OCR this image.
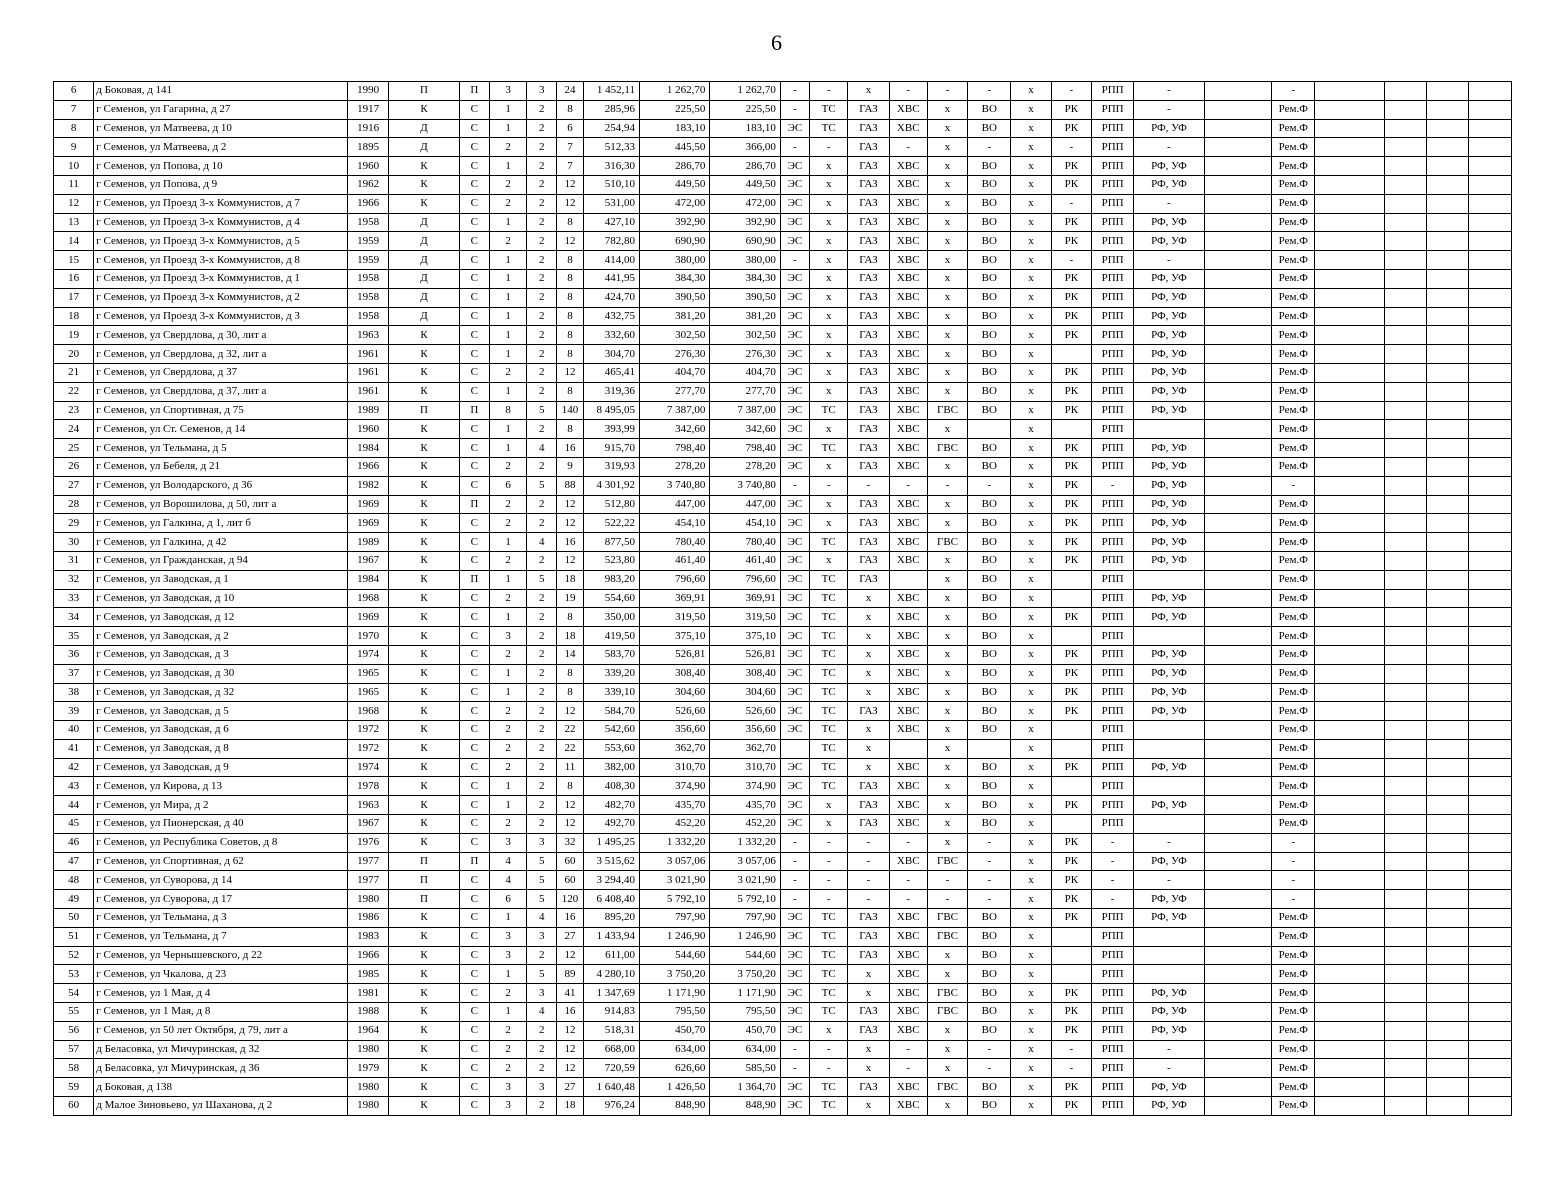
6
6	д Боковая, д 141	1990	П	П	3	3	24	1 452,11	1 262,70	1 262,70	-	-	х	-	-	-	х	-	РПП	-		-				
7	г Семенов, ул Гагарина, д 27	1917	К	С	1	2	8	285,96	225,50	225,50	-	ТС	ГАЗ	ХВС	х	ВО	х	РК	РПП	-		Рем.Ф				
8	г Семенов, ул Матвеева, д 10	1916	Д	С	1	2	6	254,94	183,10	183,10	ЭС	ТС	ГАЗ	ХВС	х	ВО	х	РК	РПП	РФ, УФ		Рем.Ф				
9	г Семенов, ул Матвеева, д 2	1895	Д	С	2	2	7	512,33	445,50	366,00	-	-	ГАЗ	-	х	-	х	-	РПП	-		Рем.Ф				
10	г Семенов, ул Попова, д 10	1960	К	С	1	2	7	316,30	286,70	286,70	ЭС	х	ГАЗ	ХВС	х	ВО	х	РК	РПП	РФ, УФ		Рем.Ф				
11	г Семенов, ул Попова, д 9	1962	К	С	2	2	12	510,10	449,50	449,50	ЭС	х	ГАЗ	ХВС	х	ВО	х	РК	РПП	РФ, УФ		Рем.Ф				
12	г Семенов, ул Проезд 3-х Коммунистов, д 7	1966	К	С	2	2	12	531,00	472,00	472,00	ЭС	х	ГАЗ	ХВС	х	ВО	х	-	РПП	-		Рем.Ф				
13	г Семенов, ул Проезд 3-х Коммунистов, д 4	1958	Д	С	1	2	8	427,10	392,90	392,90	ЭС	х	ГАЗ	ХВС	х	ВО	х	РК	РПП	РФ, УФ		Рем.Ф				
14	г Семенов, ул Проезд 3-х Коммунистов, д 5	1959	Д	С	2	2	12	782,80	690,90	690,90	ЭС	х	ГАЗ	ХВС	х	ВО	х	РК	РПП	РФ, УФ		Рем.Ф				
15	г Семенов, ул Проезд 3-х Коммунистов, д 8	1959	Д	С	1	2	8	414,00	380,00	380,00	-	х	ГАЗ	ХВС	х	ВО	х	-	РПП	-		Рем.Ф				
16	г Семенов, ул Проезд 3-х Коммунистов, д 1	1958	Д	С	1	2	8	441,95	384,30	384,30	ЭС	х	ГАЗ	ХВС	х	ВО	х	РК	РПП	РФ, УФ		Рем.Ф				
17	г Семенов, ул Проезд 3-х Коммунистов, д 2	1958	Д	С	1	2	8	424,70	390,50	390,50	ЭС	х	ГАЗ	ХВС	х	ВО	х	РК	РПП	РФ, УФ		Рем.Ф				
18	г Семенов, ул Проезд 3-х Коммунистов, д 3	1958	Д	С	1	2	8	432,75	381,20	381,20	ЭС	х	ГАЗ	ХВС	х	ВО	х	РК	РПП	РФ, УФ		Рем.Ф				
19	г Семенов, ул Свердлова, д 30, лит а	1963	К	С	1	2	8	332,60	302,50	302,50	ЭС	х	ГАЗ	ХВС	х	ВО	х	РК	РПП	РФ, УФ		Рем.Ф				
20	г Семенов, ул Свердлова, д 32, лит а	1961	К	С	1	2	8	304,70	276,30	276,30	ЭС	х	ГАЗ	ХВС	х	ВО	х		РПП	РФ, УФ		Рем.Ф				
21	г Семенов, ул Свердлова, д 37	1961	К	С	2	2	12	465,41	404,70	404,70	ЭС	х	ГАЗ	ХВС	х	ВО	х	РК	РПП	РФ, УФ		Рем.Ф				
22	г Семенов, ул Свердлова, д 37, лит а	1961	К	С	1	2	8	319,36	277,70	277,70	ЭС	х	ГАЗ	ХВС	х	ВО	х	РК	РПП	РФ, УФ		Рем.Ф				
23	г Семенов, ул Спортивная, д 75	1989	П	П	8	5	140	8 495,05	7 387,00	7 387,00	ЭС	ТС	ГАЗ	ХВС	ГВС	ВО	х	РК	РПП	РФ, УФ		Рем.Ф				
24	г Семенов, ул Ст. Семенов, д 14	1960	К	С	1	2	8	393,99	342,60	342,60	ЭС	х	ГАЗ	ХВС	х		х		РПП			Рем.Ф				
25	г Семенов, ул Тельмана, д 5	1984	К	С	1	4	16	915,70	798,40	798,40	ЭС	ТС	ГАЗ	ХВС	ГВС	ВО	х	РК	РПП	РФ, УФ		Рем.Ф				
26	г Семенов, ул Бебеля, д 21	1966	К	С	2	2	9	319,93	278,20	278,20	ЭС	х	ГАЗ	ХВС	х	ВО	х	РК	РПП	РФ, УФ		Рем.Ф				
27	г Семенов, ул Володарского, д 36	1982	К	С	6	5	88	4 301,92	3 740,80	3 740,80	-	-	-	-	-	-	х	РК	-	РФ, УФ		-				
28	г Семенов, ул Ворошилова, д 50, лит а	1969	К	П	2	2	12	512,80	447,00	447,00	ЭС	х	ГАЗ	ХВС	х	ВО	х	РК	РПП	РФ, УФ		Рем.Ф				
29	г Семенов, ул Галкина, д 1, лит б	1969	К	С	2	2	12	522,22	454,10	454,10	ЭС	х	ГАЗ	ХВС	х	ВО	х	РК	РПП	РФ, УФ		Рем.Ф				
30	г Семенов, ул Галкина, д 42	1989	К	С	1	4	16	877,50	780,40	780,40	ЭС	ТС	ГАЗ	ХВС	ГВС	ВО	х	РК	РПП	РФ, УФ		Рем.Ф				
31	г Семенов, ул Гражданская, д 94	1967	К	С	2	2	12	523,80	461,40	461,40	ЭС	х	ГАЗ	ХВС	х	ВО	х	РК	РПП	РФ, УФ		Рем.Ф				
32	г Семенов, ул Заводская, д 1	1984	К	П	1	5	18	983,20	796,60	796,60	ЭС	ТС	ГАЗ		х	ВО	х		РПП			Рем.Ф				
33	г Семенов, ул Заводская, д 10	1968	К	С	2	2	19	554,60	369,91	369,91	ЭС	ТС	х	ХВС	х	ВО	х		РПП	РФ, УФ		Рем.Ф				
34	г Семенов, ул Заводская, д 12	1969	К	С	1	2	8	350,00	319,50	319,50	ЭС	ТС	х	ХВС	х	ВО	х	РК	РПП	РФ, УФ		Рем.Ф				
35	г Семенов, ул Заводская, д 2	1970	К	С	3	2	18	419,50	375,10	375,10	ЭС	ТС	х	ХВС	х	ВО	х		РПП			Рем.Ф				
36	г Семенов, ул Заводская, д 3	1974	К	С	2	2	14	583,70	526,81	526,81	ЭС	ТС	х	ХВС	х	ВО	х	РК	РПП	РФ, УФ		Рем.Ф				
37	г Семенов, ул Заводская, д 30	1965	К	С	1	2	8	339,20	308,40	308,40	ЭС	ТС	х	ХВС	х	ВО	х	РК	РПП	РФ, УФ		Рем.Ф				
38	г Семенов, ул Заводская, д 32	1965	К	С	1	2	8	339,10	304,60	304,60	ЭС	ТС	х	ХВС	х	ВО	х	РК	РПП	РФ, УФ		Рем.Ф				
39	г Семенов, ул Заводская, д 5	1968	К	С	2	2	12	584,70	526,60	526,60	ЭС	ТС	ГАЗ	ХВС	х	ВО	х	РК	РПП	РФ, УФ		Рем.Ф				
40	г Семенов, ул Заводская, д 6	1972	К	С	2	2	22	542,60	356,60	356,60	ЭС	ТС	х	ХВС	х	ВО	х		РПП			Рем.Ф				
41	г Семенов, ул Заводская, д 8	1972	К	С	2	2	22	553,60	362,70	362,70		ТС	х		х		х		РПП			Рем.Ф				
42	г Семенов, ул Заводская, д 9	1974	К	С	2	2	11	382,00	310,70	310,70	ЭС	ТС	х	ХВС	х	ВО	х	РК	РПП	РФ, УФ		Рем.Ф				
43	г Семенов, ул Кирова, д 13	1978	К	С	1	2	8	408,30	374,90	374,90	ЭС	ТС	ГАЗ	ХВС	х	ВО	х		РПП			Рем.Ф				
44	г Семенов, ул Мира, д 2	1963	К	С	1	2	12	482,70	435,70	435,70	ЭС	х	ГАЗ	ХВС	х	ВО	х	РК	РПП	РФ, УФ		Рем.Ф				
45	г Семенов, ул Пионерская, д 40	1967	К	С	2	2	12	492,70	452,20	452,20	ЭС	х	ГАЗ	ХВС	х	ВО	х		РПП			Рем.Ф				
46	г Семенов, ул Республика Советов, д 8	1976	К	С	3	3	32	1 495,25	1 332,20	1 332,20	-	-	-	-	х	-	х	РК	-	-		-				
47	г Семенов, ул Спортивная, д 62	1977	П	П	4	5	60	3 515,62	3 057,06	3 057,06	-	-	-	ХВС	ГВС	-	х	РК	-	РФ, УФ		-				
48	г Семенов, ул Суворова, д 14	1977	П	С	4	5	60	3 294,40	3 021,90	3 021,90	-	-	-	-	-	-	х	РК	-	-		-				
49	г Семенов, ул Суворова, д 17	1980	П	С	6	5	120	6 408,40	5 792,10	5 792,10	-	-	-	-	-	-	х	РК	-	РФ, УФ		-				
50	г Семенов, ул Тельмана, д 3	1986	К	С	1	4	16	895,20	797,90	797,90	ЭС	ТС	ГАЗ	ХВС	ГВС	ВО	х	РК	РПП	РФ, УФ		Рем.Ф				
51	г Семенов, ул Тельмана, д 7	1983	К	С	3	3	27	1 433,94	1 246,90	1 246,90	ЭС	ТС	ГАЗ	ХВС	ГВС	ВО	х		РПП			Рем.Ф				
52	г Семенов, ул Чернышевского, д 22	1966	К	С	3	2	12	611,00	544,60	544,60	ЭС	ТС	ГАЗ	ХВС	х	ВО	х		РПП			Рем.Ф				
53	г Семенов, ул Чкалова, д 23	1985	К	С	1	5	89	4 280,10	3 750,20	3 750,20	ЭС	ТС	х	ХВС	х	ВО	х		РПП			Рем.Ф				
54	г Семенов, ул 1 Мая, д 4	1981	К	С	2	3	41	1 347,69	1 171,90	1 171,90	ЭС	ТС	х	ХВС	ГВС	ВО	х	РК	РПП	РФ, УФ		Рем.Ф				
55	г Семенов, ул 1 Мая, д 8	1988	К	С	1	4	16	914,83	795,50	795,50	ЭС	ТС	ГАЗ	ХВС	ГВС	ВО	х	РК	РПП	РФ, УФ		Рем.Ф				
56	г Семенов, ул 50 лет Октября, д 79, лит а	1964	К	С	2	2	12	518,31	450,70	450,70	ЭС	х	ГАЗ	ХВС	х	ВО	х	РК	РПП	РФ, УФ		Рем.Ф				
57	д Беласовка, ул Мичуринская, д 32	1980	К	С	2	2	12	668,00	634,00	634,00	-	-	х	-	х	-	х	-	РПП	-		Рем.Ф				
58	д Беласовка, ул Мичуринская, д 36	1979	К	С	2	2	12	720,59	626,60	585,50	-	-	х	-	х	-	х	-	РПП	-		Рем.Ф				
59	д Боковая, д 138	1980	К	С	3	3	27	1 640,48	1 426,50	1 364,70	ЭС	ТС	ГАЗ	ХВС	ГВС	ВО	х	РК	РПП	РФ, УФ		Рем.Ф				
60	д Малое Зиновьево, ул Шаханова, д 2	1980	К	С	3	2	18	976,24	848,90	848,90	ЭС	ТС	х	ХВС	х	ВО	х	РК	РПП	РФ, УФ		Рем.Ф				
